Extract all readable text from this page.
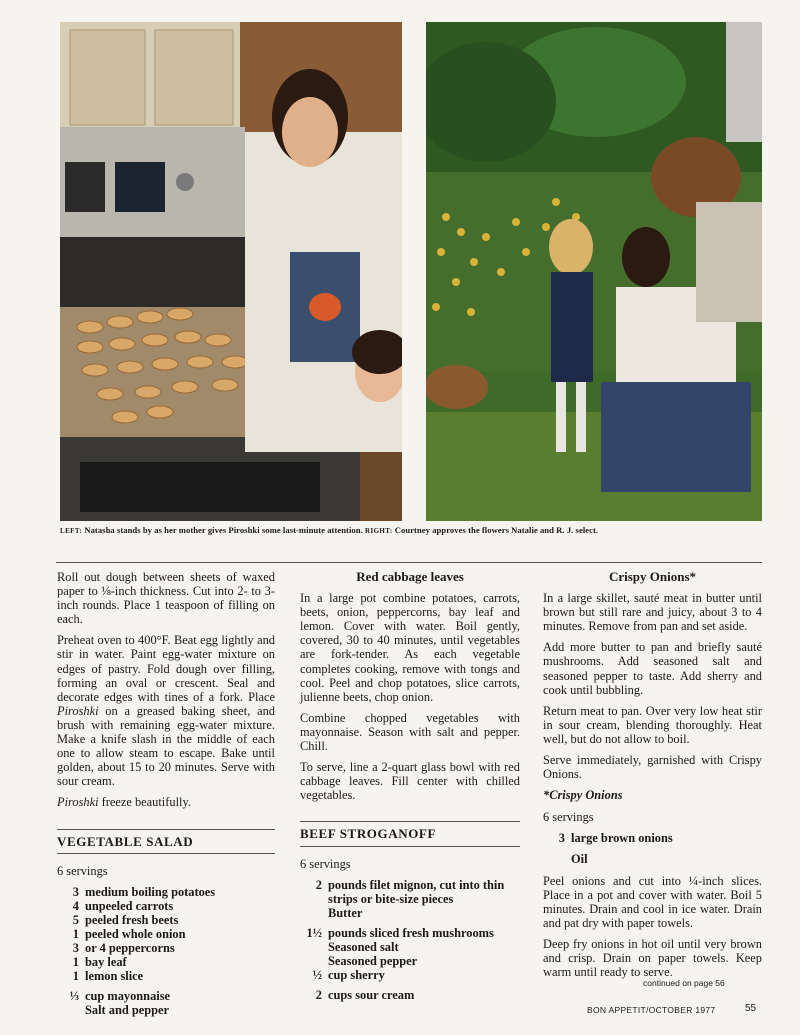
LEFT: Natasha stands by as her mother gives Piroshki some last-minute attention. RIGHT: Courtney approves the flowers Natalie and R. J. select.

Roll out dough between sheets of waxed paper to ⅛-inch thickness. Cut into 2- to 3-inch rounds. Place 1 teaspoon of filling on each.

Preheat oven to 400°F. Beat egg lightly and stir in water. Paint egg-water mixture on edges of pastry. Fold dough over filling, forming an oval or crescent. Seal and decorate edges with tines of a fork. Place Piroshki on a greased baking sheet, and brush with remaining egg-water mixture. Make a knife slash in the middle of each one to allow steam to escape. Bake until golden, about 15 to 20 minutes. Serve with sour cream.

Piroshki freeze beautifully.

VEGETABLE SALAD
6 servings
3 medium boiling potatoes
4 unpeeled carrots
5 peeled fresh beets
1 peeled whole onion
3 or 4 peppercorns
1 bay leaf
1 lemon slice
⅓ cup mayonnaise
Salt and pepper
Red cabbage leaves

In a large pot combine potatoes, carrots, beets, onion, peppercorns, bay leaf and lemon. Cover with water. Boil gently, covered, 30 to 40 minutes, until vegetables are fork-tender. As each vegetable completes cooking, remove with tongs and cool. Peel and chop potatoes, slice carrots, julienne beets, chop onion.

Combine chopped vegetables with mayonnaise. Season with salt and pepper. Chill.

To serve, line a 2-quart glass bowl with red cabbage leaves. Fill center with chilled vegetables.

BEEF STROGANOFF
6 servings
2 pounds filet mignon, cut into thin strips or bite-size pieces
Butter
1½ pounds sliced fresh mushrooms
Seasoned salt
Seasoned pepper
½ cup sherry
2 cups sour cream
Crispy Onions*

In a large skillet, sauté meat in butter until brown but still rare and juicy, about 3 to 4 minutes. Remove from pan and set aside.

Add more butter to pan and briefly sauté mushrooms. Add seasoned salt and seasoned pepper to taste. Add sherry and cook until bubbling.

Return meat to pan. Over very low heat stir in sour cream, blending thoroughly. Heat well, but do not allow to boil.

Serve immediately, garnished with Crispy Onions.

*Crispy Onions

6 servings
3 large brown onions
Oil

Peel onions and cut into ¼-inch slices. Place in a pot and cover with water. Boil 5 minutes. Drain and cool in ice water. Drain and pat dry with paper towels.

Deep fry onions in hot oil until very brown and crisp. Drain on paper towels. Keep warm until ready to serve.

continued on page 56
BON APPETIT/OCTOBER 1977	55
